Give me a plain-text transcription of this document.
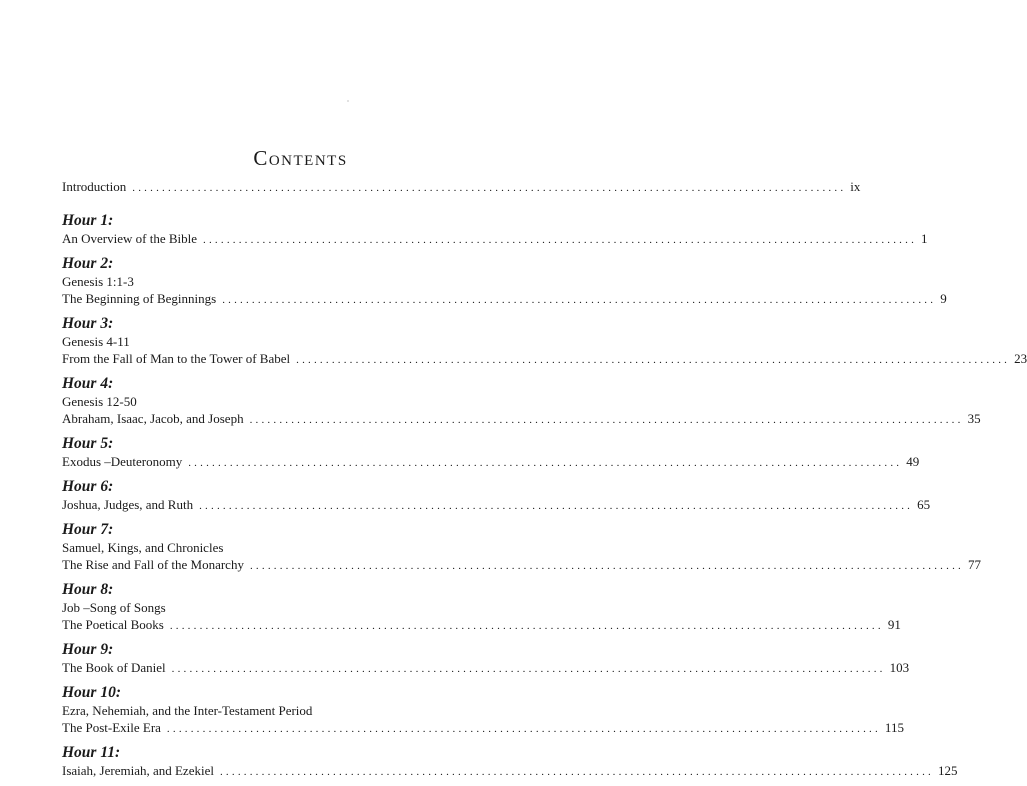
Contents
Introduction ........................................................................................................................ ix
Hour 1:
An Overview of the Bible ........................................................................................................................ 1
Hour 2:
Genesis 1:1-3
The Beginning of Beginnings ........................................................................................................................ 9
Hour 3:
Genesis 4-11
From the Fall of Man to the Tower of Babel ........................................................................................................................ 23
Hour 4:
Genesis 12-50
Abraham, Isaac, Jacob, and Joseph ........................................................................................................................ 35
Hour 5:
Exodus –Deuteronomy ........................................................................................................................ 49
Hour 6:
Joshua, Judges, and Ruth ........................................................................................................................ 65
Hour 7:
Samuel, Kings, and Chronicles
The Rise and Fall of the Monarchy ........................................................................................................................ 77
Hour 8:
Job –Song of Songs
The Poetical Books ........................................................................................................................ 91
Hour 9:
The Book of Daniel ........................................................................................................................ 103
Hour 10:
Ezra, Nehemiah, and the Inter-Testament Period
The Post-Exile Era ........................................................................................................................ 115
Hour 11:
Isaiah, Jeremiah, and Ezekiel ........................................................................................................................ 125
